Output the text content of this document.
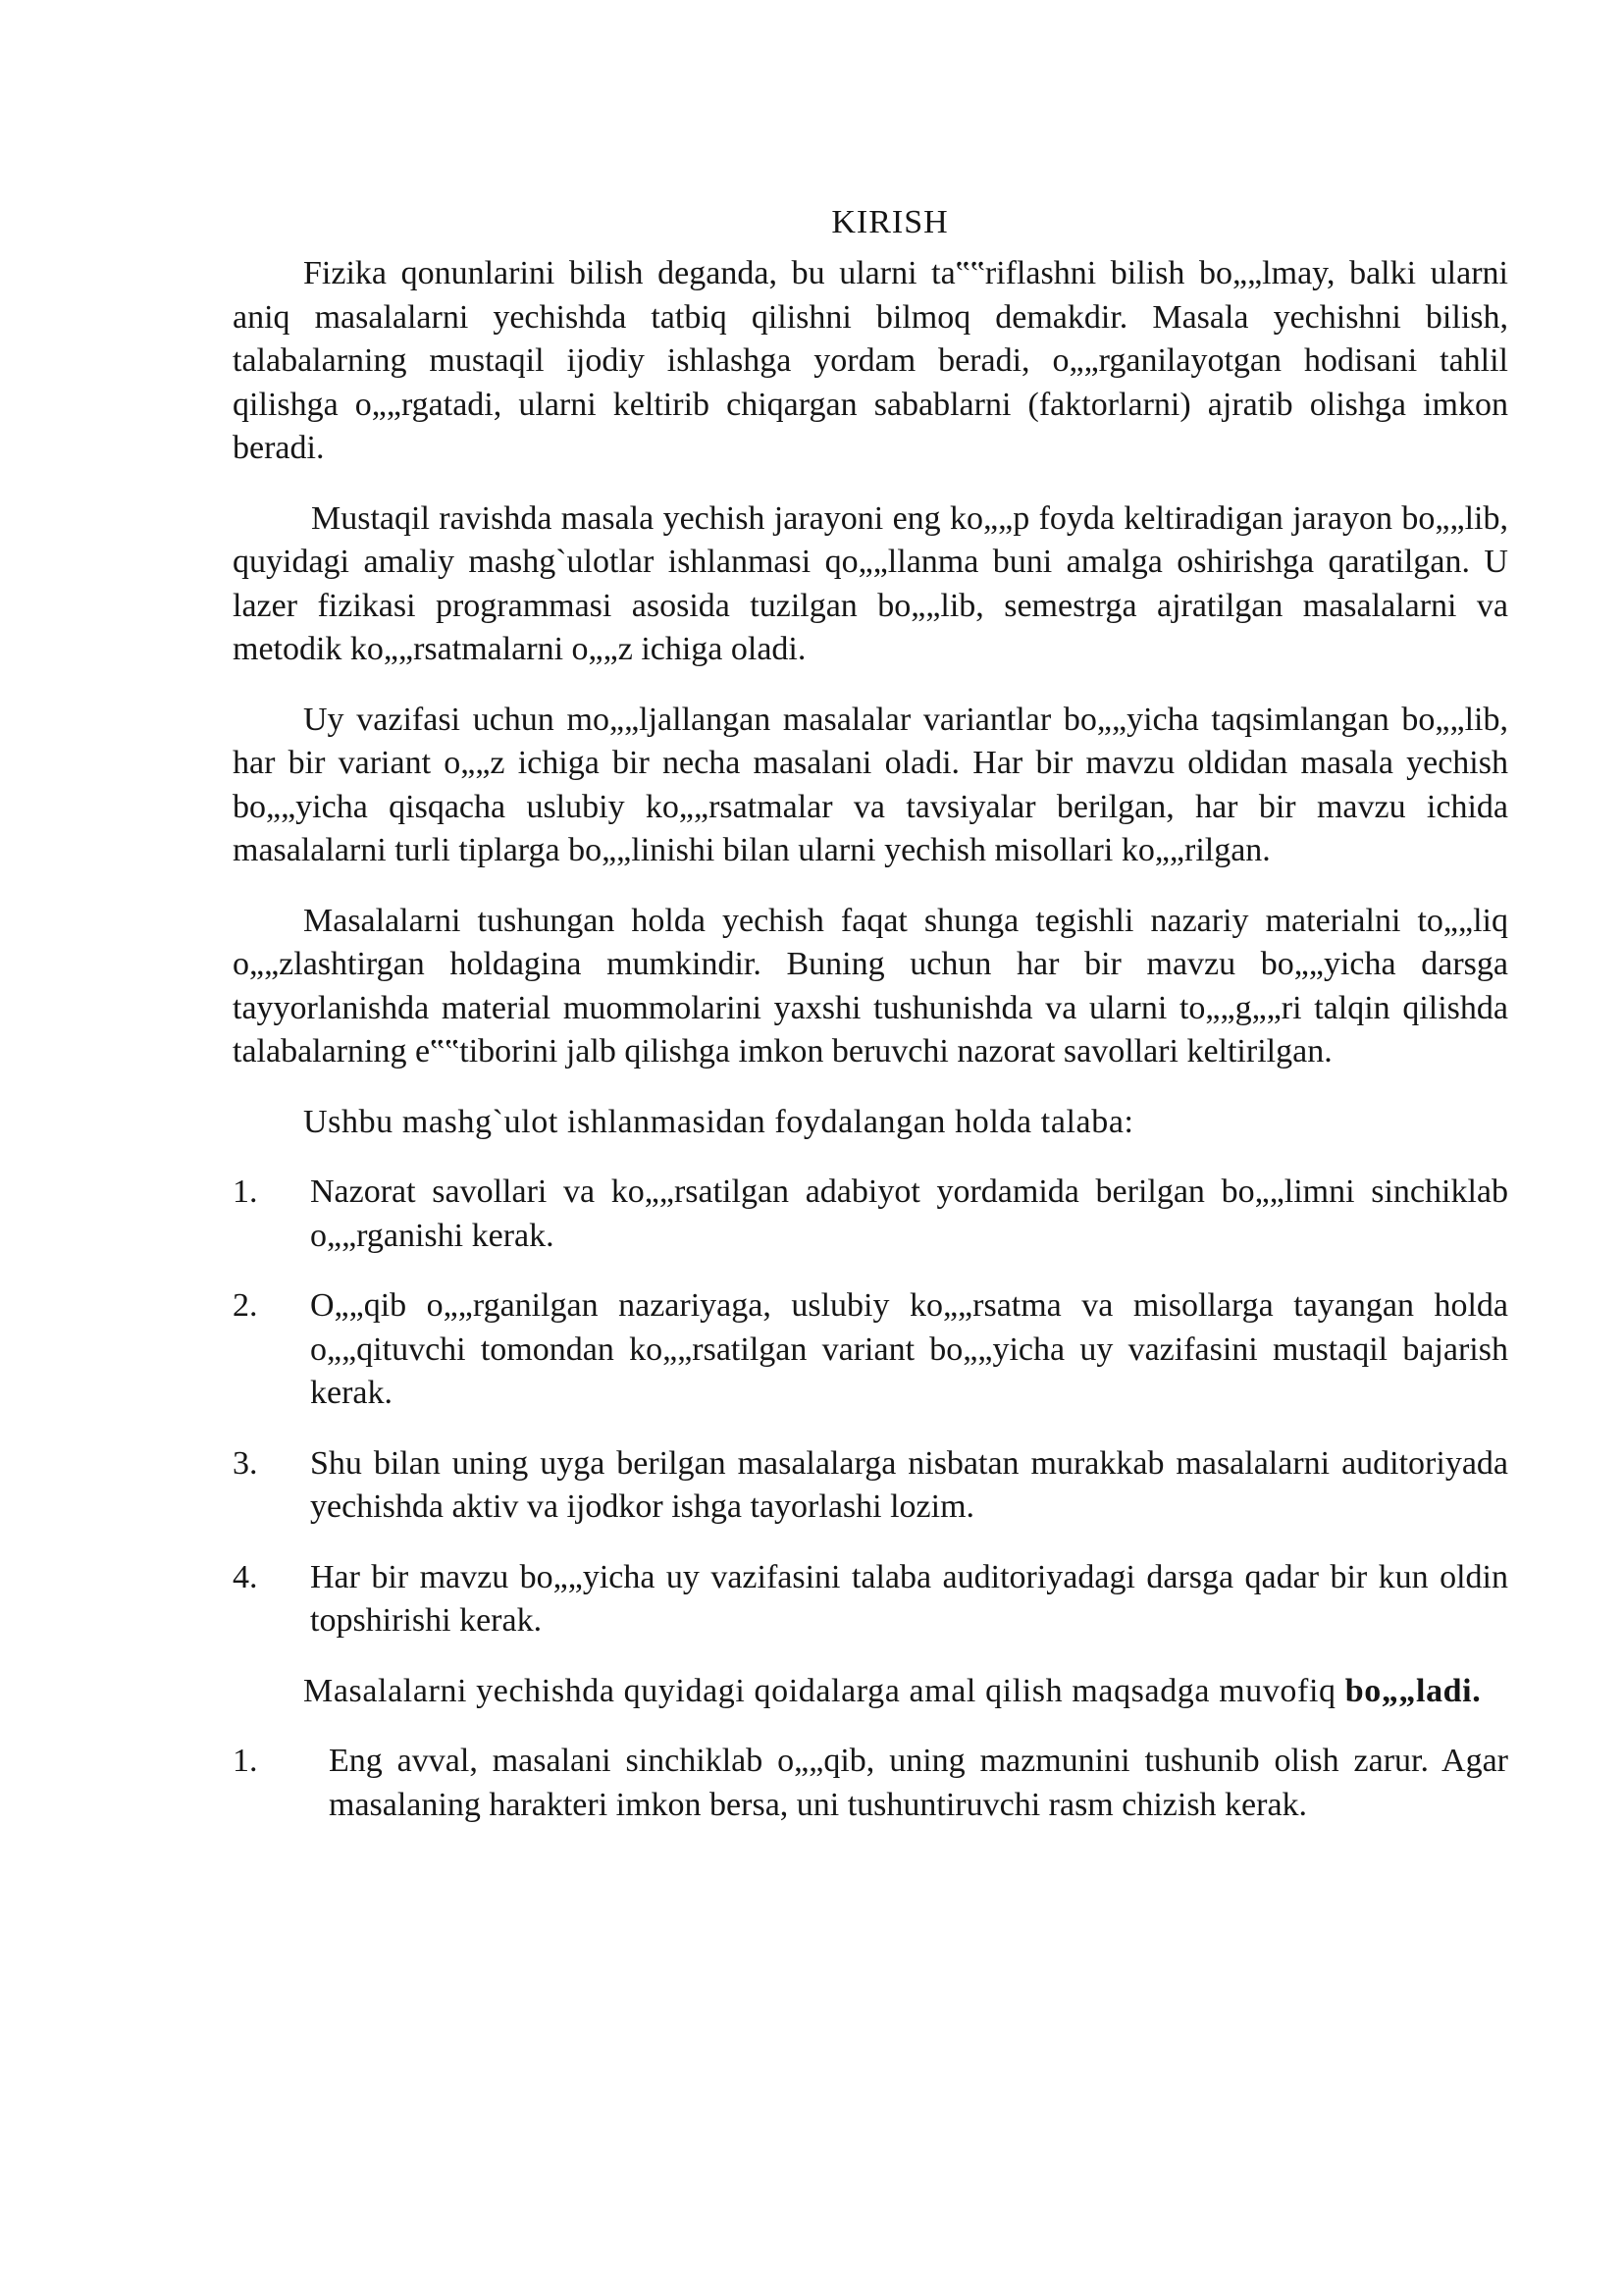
KIRISH

Fizika qonunlarini bilish deganda, bu ularni ta‟‟riflashni bilish bo„„lmay, balki ularni aniq masalalarni yechishda tatbiq qilishni bilmoq demakdir. Masala yechishni bilish, talabalarning mustaqil ijodiy ishlashga yordam beradi, o„„rganilayotgan hodisani tahlil qilishga o„„rgatadi, ularni keltirib chiqargan sabablarni (faktorlarni) ajratib olishga imkon beradi.

Mustaqil ravishda masala yechish jarayoni eng ko„„p foyda keltiradigan jarayon bo„„lib, quyidagi amaliy mashg`ulotlar ishlanmasi qo„„llanma buni amalga oshirishga qaratilgan. U lazer fizikasi programmasi asosida tuzilgan bo„„lib, semestrga ajratilgan masalalarni va metodik ko„„rsatmalarni o„„z ichiga oladi.

Uy vazifasi uchun mo„„ljallangan masalalar variantlar bo„„yicha taqsimlangan bo„„lib, har bir variant o„„z ichiga bir necha masalani oladi. Har bir mavzu oldidan masala yechish bo„„yicha qisqacha uslubiy ko„„rsatmalar va tavsiyalar berilgan, har bir mavzu ichida masalalarni turli tiplarga bo„„linishi bilan ularni yechish misollari ko„„rilgan.

Masalalarni tushungan holda yechish faqat shunga tegishli nazariy materialni to„„liq o„„zlashtirgan holdagina mumkindir. Buning uchun har bir mavzu bo„„yicha darsga tayyorlanishda material muommolarini yaxshi tushunishda va ularni to„„g„„ri talqin qilishda talabalarning e‟‟tiborini jalb qilishga imkon beruvchi nazorat savollari keltirilgan.

Ushbu mashg`ulot ishlanmasidan foydalangan holda talaba:

1. Nazorat savollari va ko„„rsatilgan adabiyot yordamida berilgan bo„„limni sinchiklab o„„rganishi kerak.
2. O„„qib o„„rganilgan nazariyaga, uslubiy ko„„rsatma va misollarga tayangan holda o„„qituvchi tomondan ko„„rsatilgan variant bo„„yicha uy vazifasini mustaqil bajarish kerak.
3. Shu bilan uning uyga berilgan masalalarga nisbatan murakkab masalalarni auditoriyada yechishda aktiv va ijodkor ishga tayorlashi lozim.
4. Har bir mavzu bo„„yicha uy vazifasini talaba auditoriyadagi darsga qadar bir kun oldin topshirishi kerak.

Masalalarni yechishda quyidagi qoidalarga amal qilish maqsadga muvofiq bo„„ladi.

1. Eng avval, masalani sinchiklab o„„qib, uning mazmunini tushunib olish zarur. Agar masalaning harakteri imkon bersa, uni tushuntiruvchi rasm chizish kerak.
